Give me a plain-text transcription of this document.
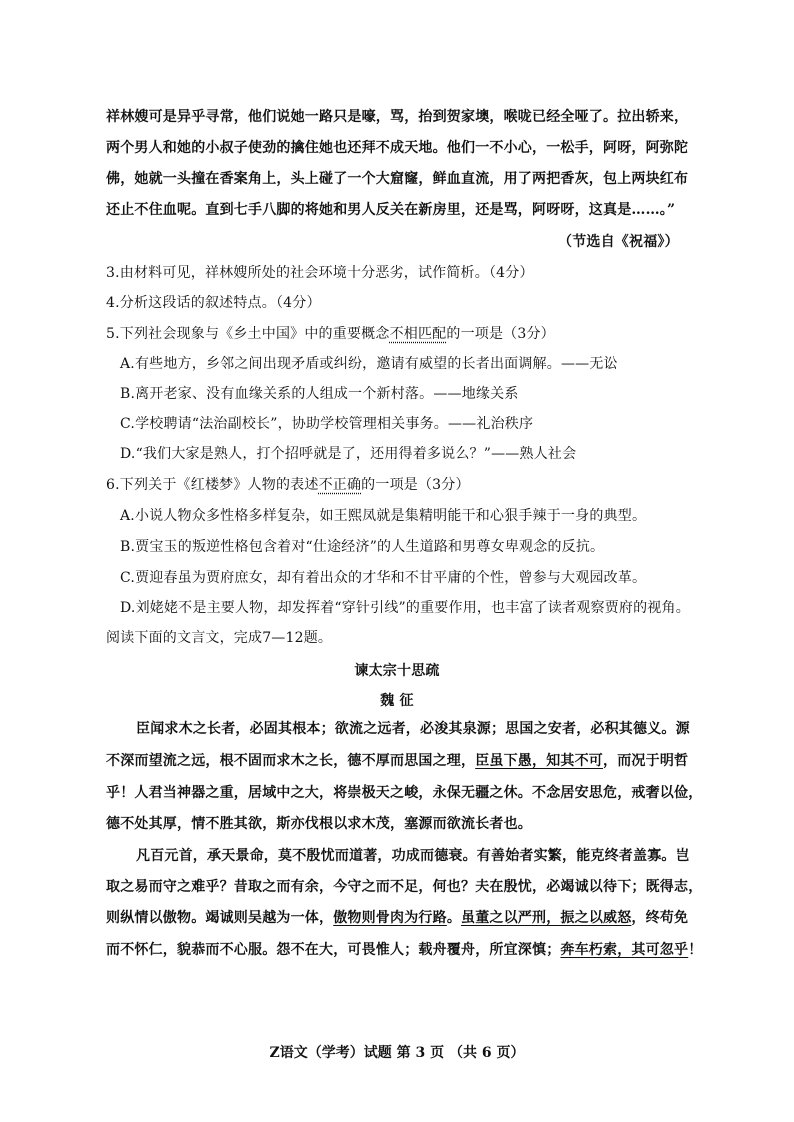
祥林嫂可是异乎寻常，他们说她一路只是嚎，骂，抬到贺家墺，喉咙已经全哑了。拉出轿来，
两个男人和她的小叔子使劲的擒住她也还拜不成天地。他们一不小心，一松手，阿呀，阿弥陀
佛，她就一头撞在香案角上，头上碰了一个大窟窿，鲜血直流，用了两把香灰，包上两块红布
还止不住血呢。直到七手八脚的将她和男人反关在新房里，还是骂，阿呀呀，这真是……。”
（节选自《祝福》）
3.由材料可见，祥林嫂所处的社会环境十分恶劣，试作简析。（4分）
4.分析这段话的叙述特点。（4分）
5.下列社会现象与《乡土中国》中的重要概念不相匹配的一项是（3分）
A.有些地方，乡邻之间出现矛盾或纠纷，邀请有威望的长者出面调解。——无讼
B.离开老家、没有血缘关系的人组成一个新村落。——地缘关系
C.学校聘请“法治副校长”，协助学校管理相关事务。——礼治秩序
D.“我们大家是熟人，打个招呼就是了，还用得着多说么？”——熟人社会
6.下列关于《红楼梦》人物的表述不正确的一项是（3分）
A.小说人物众多性格多样复杂，如王熙凤就是集精明能干和心狠手辣于一身的典型。
B.贾宝玉的叛逆性格包含着对“仕途经济”的人生道路和男尊女卑观念的反抗。
C.贾迎春虽为贾府庶女，却有着出众的才华和不甘平庸的个性，曾参与大观园改革。
D.刘姥姥不是主要人物，却发挥着“穿针引线”的重要作用，也丰富了读者观察贾府的视角。
阅读下面的文言文，完成7—12题。
谏太宗十思疏
魏 征
臣闻求木之长者，必固其根本；欲流之远者，必浚其泉源；思国之安者，必积其德义。源
不深而望流之远，根不固而求木之长，德不厚而思国之理，臣虽下愚，知其不可，而况于明哲
乎！人君当神器之重，居域中之大，将崇极天之峻，永保无疆之休。不念居安思危，戒奢以俭，
德不处其厚，情不胜其欲，斯亦伐根以求木茂，塞源而欲流长者也。
凡百元首，承天景命，莫不殷忧而道著，功成而德衰。有善始者实繁，能克终者盖寡。岂
取之易而守之难乎？昔取之而有余，今守之而不足，何也？夫在殷忧，必竭诚以待下；既得志，
则纵情以傲物。竭诚则吴越为一体，傲物则骨肉为行路。虽董之以严刑，振之以威怒，终苟免
而不怀仁，貌恭而不心服。怨不在大，可畏惟人；载舟覆舟，所宜深慎；奔车朽索，其可忽乎！
Z语文（学考）试题 第 3 页 （共 6 页）
